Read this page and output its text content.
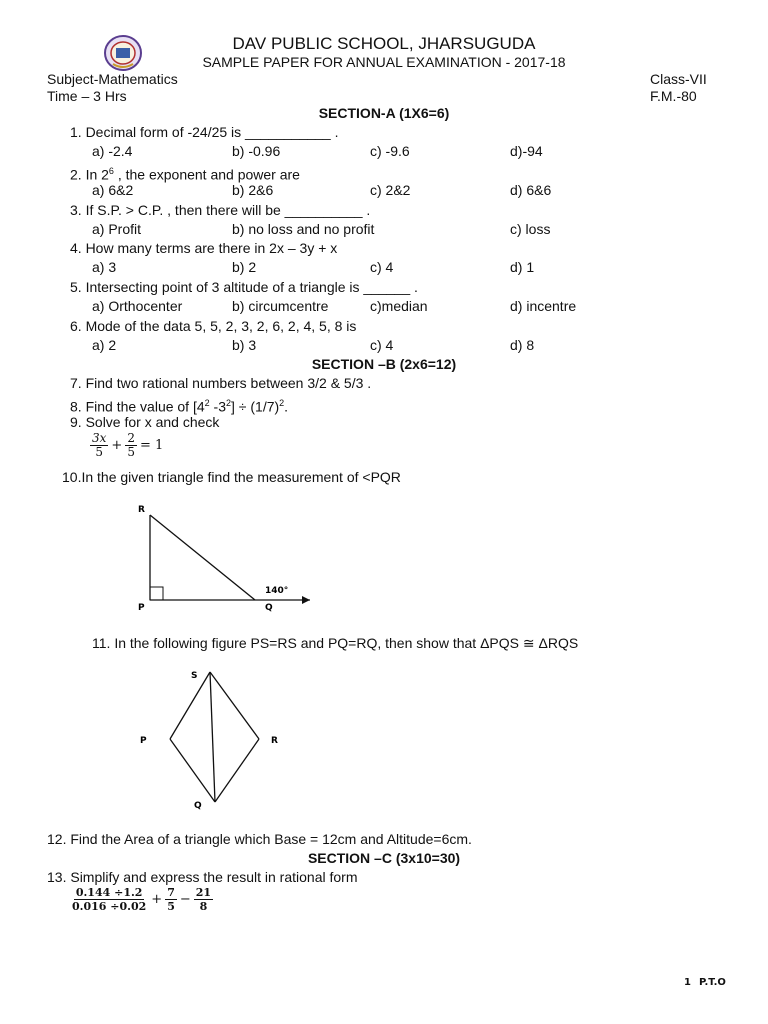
DAV PUBLIC SCHOOL, JHARSUGUDA
SAMPLE PAPER FOR ANNUAL EXAMINATION - 2017-18
Subject-Mathematics	Class-VII
Time – 3 Hrs	F.M.-80
SECTION-A (1X6=6)
1. Decimal form of -24/25 is ___________ .
a) -2.4	b) -0.96	c) -9.6	d)-94
2. In $2^6$ , the exponent and power are
a) 6&2	b) 2&6	c) 2&2	d) 6&6
3. If S.P. > C.P. , then there will be __________ .
a) Profit	b) no loss and no profit	c) loss
4. How many terms are there in 2x – 3y + x
a) 3	b) 2	c) 4	d) 1
5. Intersecting point of 3 altitude of a triangle is ______ .
a) Orthocenter	b) circumcentre	c)median	d) incentre
6. Mode of the data 5, 5, 2, 3, 2, 6, 2, 4, 5, 8 is
a) 2	b) 3	c) 4	d) 8
SECTION –B (2x6=12)
7. Find two rational numbers between 3/2 & 5/3 .
8. Find the value of [$4^2$ $-3^2] \div (1/7)^2$.
9. Solve for x and check
$\frac{3x}{5} + \frac{2}{5} = 1$
10.In the given triangle find the measurement of <PQR
R
P	Q
140°
11. In the following figure PS=RS and PQ=RQ, then show that ΔPQS ≅ ΔRQS
S
P	R
Q
12. Find the Area of a triangle which Base = 12cm and Altitude=6cm.
SECTION –C (3x10=30)
13. Simplify and express the result in rational form
$\frac{0.144 \div 1.2}{0.016 \div 0.02} + \frac{7}{5} - \frac{21}{8}$
1 P.T.O
